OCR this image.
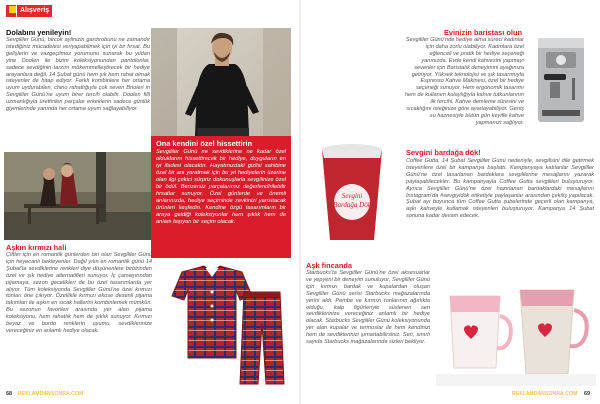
Alışveriş
Dolabını yenileyin!
Sevgililer Günü, bircok aylinizin gardırobunu ne zamandır istediğiniz mücadelesi veriyapabilmek için iyi bir fırsat. Bu gelişlerin ve vazgeçilmez yorumunu sunarak bu yıldan yine Doolen ile bizim koleksiyonundan pantolonlar, sadece sevdiğinin tarzını mükemmelleştirecek bir hediye arayanlara değil, 14 Şubat günü hem şık hem rahat olmak isteyenler de hitap ediyor. Farklı kombinlere her ortama uyum uydurabilen, chino rahatlığıyla çok seven Brioleri in Sevgililer Günü’ne uyum birer tercih olabilir. Doolen filli uzmanlığıyla ürettirilen parçalar erkeklerin sadece günlük giyimlerinde yanında her ortama uyum sağlayabiliyor.
Ona kendini özel hissettirin
Sevgililer Günü ne sevdiklerine ne kadar özel olduklarını hissettirecek bir hediye, duyguların en iyi ifadesi olacaktır. Hayatınızdaki gizlisi sahibine özel bir anı yaratmak için bu yıl hediyelerin üzerine olan ilgi çekici sürpriz dokunuşlarla sevgilinize özel bir ödül. Benzersiz parçalarımız değerlendirilebilir fırsatlar sunuyor. Özel günlerde ve önemli anlarınızda, hediye seçiminde zevkinizi yansıtacak ürünleri keşfedin. Kendine özgü tasarımların bir araya geldiği koleksiyonlar hem şıklık hem de anlam taşıyan bir seçim olacak.
Aşkın kırmızı hali
Çiftler için en romantik günlerden biri olan Sevgililer Günü için heyecanlı bekleyenler. Dağıl yılın en romantik günü 14 Şubat’ta sevdiklerine renkleri diye düşünenlere birbirinden özel ve şık hediye alternatifleri sunuyor. İç çamaşırından pijamaya, sezon gecelikleri de bu özel tasarımlarda yer alıyor. Tüm koleksiyonda Sevgililer Günü’ne özel kırmızı tonları öne çıkıyor. Özellikle kırmızı ekose desenli pijama takımları ile aşkın en sıcak hallerini kombinlemek mümkün. Bu sezonun favorileri arasında yer alan pijama koleksiyonu, hem rahatlık hem de şıklık sunuyor. Kırmızı beyaz ve bordo renklerin uyumu, sevdiklerinize vereceğiniz en anlamlı hediye olacak.
68 REKLAMDANSONRA.COM
Evinizin baristası olun
Sevgililer Günü’nde hediye alma süreci kadınlar için daha zorlu olabiliyor. Kadınlara özel eğlenceli ve pratik bir hediye seçeneği yanınızda. Evde kendi kahvesini yapmayı sevenler için Baristalık deneyimini ayağınıza getiriyor. Yüksek teknolojisi ve şık tasarımıyla Espresso Kahve Makinesi, özel bir hediye seçeneği sunuyor. Hem ergonomik tasarımı hem de kullanım kolaylığıyla kahve tutkunlarının ilk tercihi. Kahve demleme süresini ve sıcaklığını isteğinize göre ayarlayabiliyor. Geniş su haznesiyle bütün gün keyifle kahve yapmanızı sağlıyor.
Sevgini
Bardağa Dök
Sevgini bardağa dök!
Coffee Gutta, 14 Şubat Sevgililer Günü nedeniyle, sevgilisini dile getirmek isteyenlere özel bir kampanya başlattı. Kampanyaya katılanlar Sevgililer Günü’ne özel tasarlanan bardaklara sevgililerine mesajlarını yazarak paylaşabilecekler. Bu kampanyayla Coffee Gutta sevgilileri buluşturuyor. Ayrıca Sevgililer Günü’ne özel hazırlanan bardaklardaki mesajlarını Instagram’da #sevgiyidök etiketiyle paylaşanlar arasından çekiliş yapılacak. Şubat ayı boyunca tüm Coffee Gutta şubelerinde geçerli olan kampanya, aşkı kahveyle kutlamak isteyenleri buluşturuyor. Kampanya 14 Şubat sonuna kadar devam edecek.
Aşk fincanda
Starbucks’ta Sevgililer Günü’ne özel aksesuarlar ve yepyeni bir deneyim sunuluyor. Sevgililer Günü için kırmızı bardak ve kupalardan oluşan Sevgililer Günü serisi Starbucks mağazalarında yerini aldı. Pembe ve kırmızı tonlarının ağırlıkta olduğu, kalp figürleriyle süslenen seri sevdiklerinize vereceğiniz anlamlı bir hediye olacak. Starbucks Sevgililer Günü koleksiyonunda yer alan kupalar ve termoslar ile hem kendinizi hem de sevdiklerinizi şımartabilirsiniz. Seri, sınırlı sayıda Starbucks mağazalarında sizleri bekliyor.
REKLAMDANSONRA.COM 69
